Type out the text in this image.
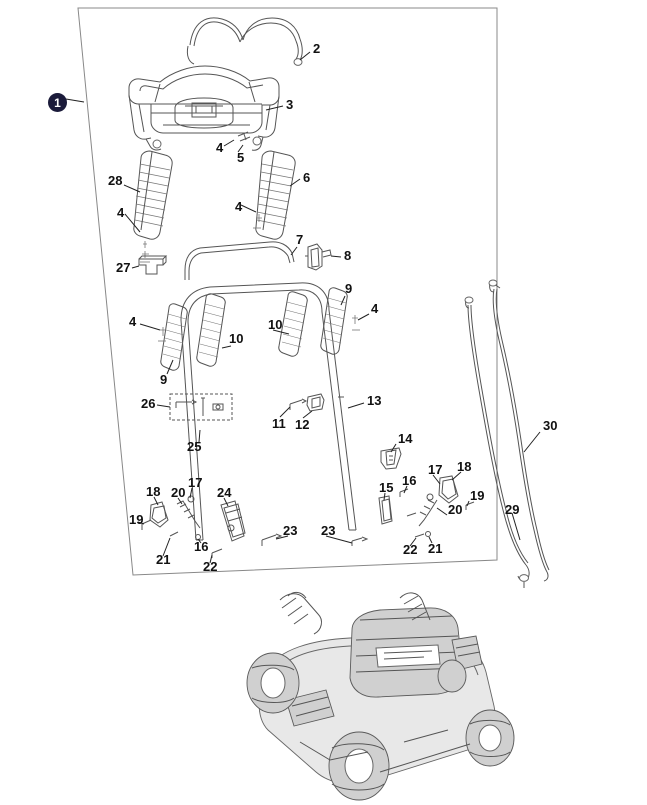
1
2
3
4
5
6
28
4
4
7
8
27
9
4
4
10
10
9
26	13
11 12
14
25
30
17
18 20 24	15 16
17 18
19
19
29
20
16
21	22
23 23
22 21
